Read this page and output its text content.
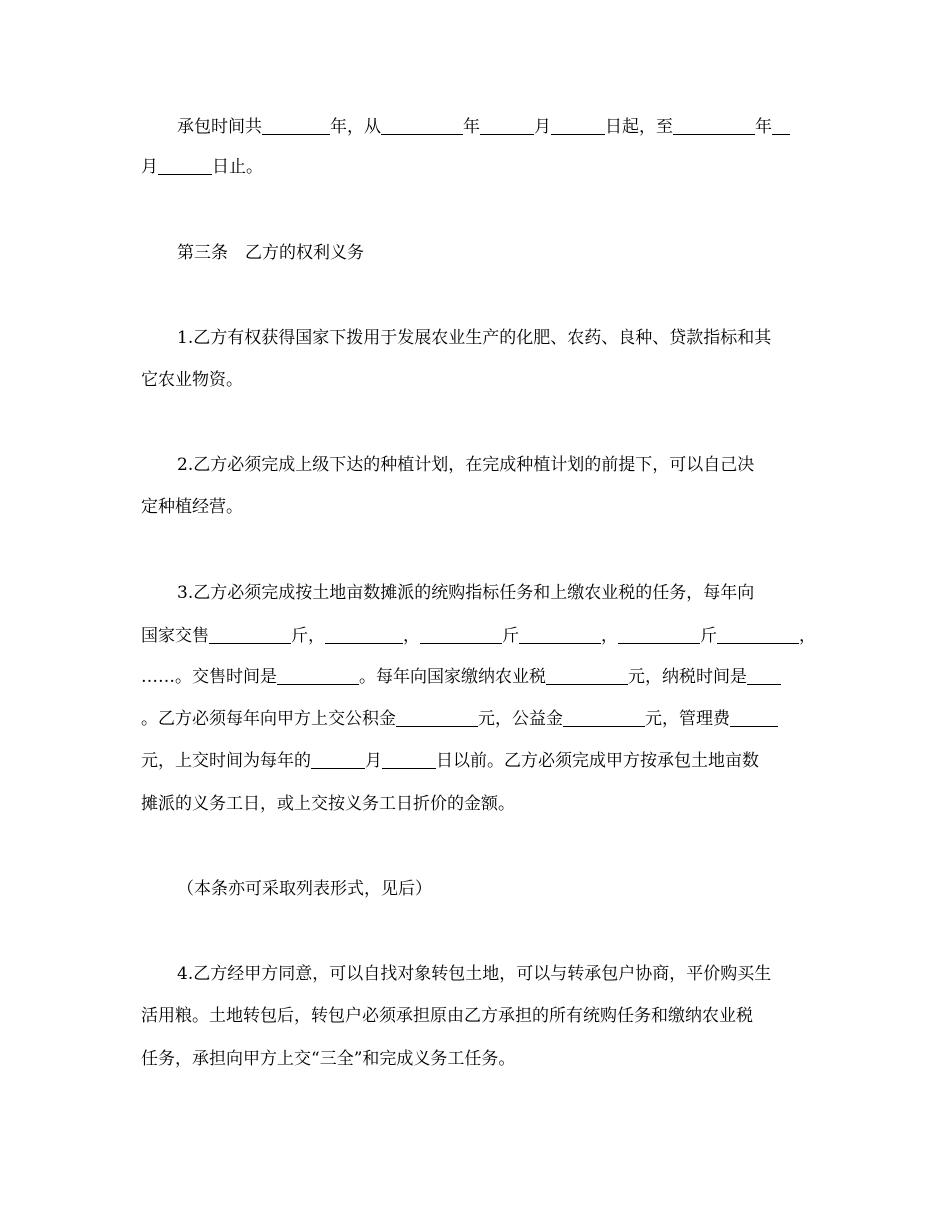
承包时间共	年，从	年	月	日起，至	年

月	日止。

第三条　乙方的权利义务

1.乙方有权获得国家下拨用于发展农业生产的化肥、农药、良种、贷款指标和其

它农业物资。

2.乙方必须完成上级下达的种植计划，在完成种植计划的前提下，可以自己决

定种植经营。

3.乙方必须完成按土地亩数摊派的统购指标任务和上缴农业税的任务，每年向

国家交售	斤，	，	斤	，	斤	，

……。交售时间是	。每年向国家缴纳农业税	元，纳税时间是

。乙方必须每年向甲方上交公积金	元，公益金	元，管理费

元，上交时间为每年的	月	日以前。乙方必须完成甲方按承包土地亩数

摊派的义务工日，或上交按义务工日折价的金额。

（本条亦可采取列表形式，见后）

4.乙方经甲方同意，可以自找对象转包土地，可以与转承包户协商，平价购买生

活用粮。土地转包后，转包户必须承担原由乙方承担的所有统购任务和缴纳农业税

任务，承担向甲方上交“三全”和完成义务工任务。
